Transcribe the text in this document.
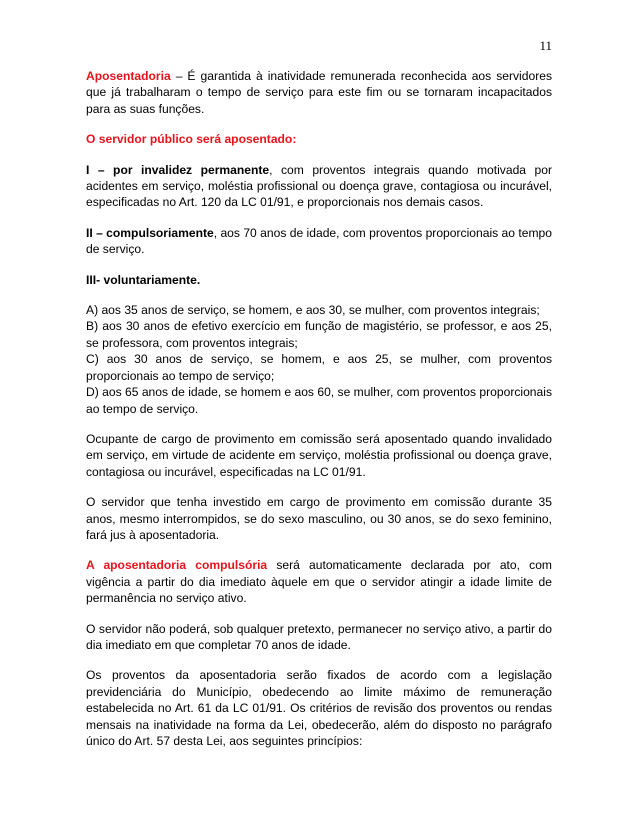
11

Aposentadoria – É garantida à inatividade remunerada reconhecida aos servidores que já trabalharam o tempo de serviço para este fim ou se tornaram incapacitados para as suas funções.

O servidor público será aposentado:

I – por invalidez permanente, com proventos integrais quando motivada por acidentes em serviço, moléstia profissional ou doença grave, contagiosa ou incurável, especificadas no Art. 120 da LC 01/91, e proporcionais nos demais casos.

II – compulsoriamente, aos 70 anos de idade, com proventos proporcionais ao tempo de serviço.

III- voluntariamente.

A) aos 35 anos de serviço, se homem, e aos 30, se mulher, com proventos integrais;

B) aos 30 anos de efetivo exercício em função de magistério, se professor, e aos 25, se professora, com proventos integrais;

C) aos 30 anos de serviço, se homem, e aos 25, se mulher, com proventos proporcionais ao tempo de serviço;

D) aos 65 anos de idade, se homem e aos 60, se mulher, com proventos proporcionais ao tempo de serviço.

Ocupante de cargo de provimento em comissão será aposentado quando invalidado em serviço, em virtude de acidente em serviço, moléstia profissional ou doença grave, contagiosa ou incurável, especificadas na LC 01/91.

O servidor que tenha investido em cargo de provimento em comissão durante 35 anos, mesmo interrompidos, se do sexo masculino, ou 30 anos, se do sexo feminino, fará jus à aposentadoria.

A aposentadoria compulsória será automaticamente declarada por ato, com vigência a partir do dia imediato àquele em que o servidor atingir a idade limite de permanência no serviço ativo.

O servidor não poderá, sob qualquer pretexto, permanecer no serviço ativo, a partir do dia imediato em que completar 70 anos de idade.

Os proventos da aposentadoria serão fixados de acordo com a legislação previdenciária do Município, obedecendo ao limite máximo de remuneração estabelecida no Art. 61 da LC 01/91. Os critérios de revisão dos proventos ou rendas mensais na inatividade na forma da Lei, obedecerão, além do disposto no parágrafo único do Art. 57 desta Lei, aos seguintes princípios:
